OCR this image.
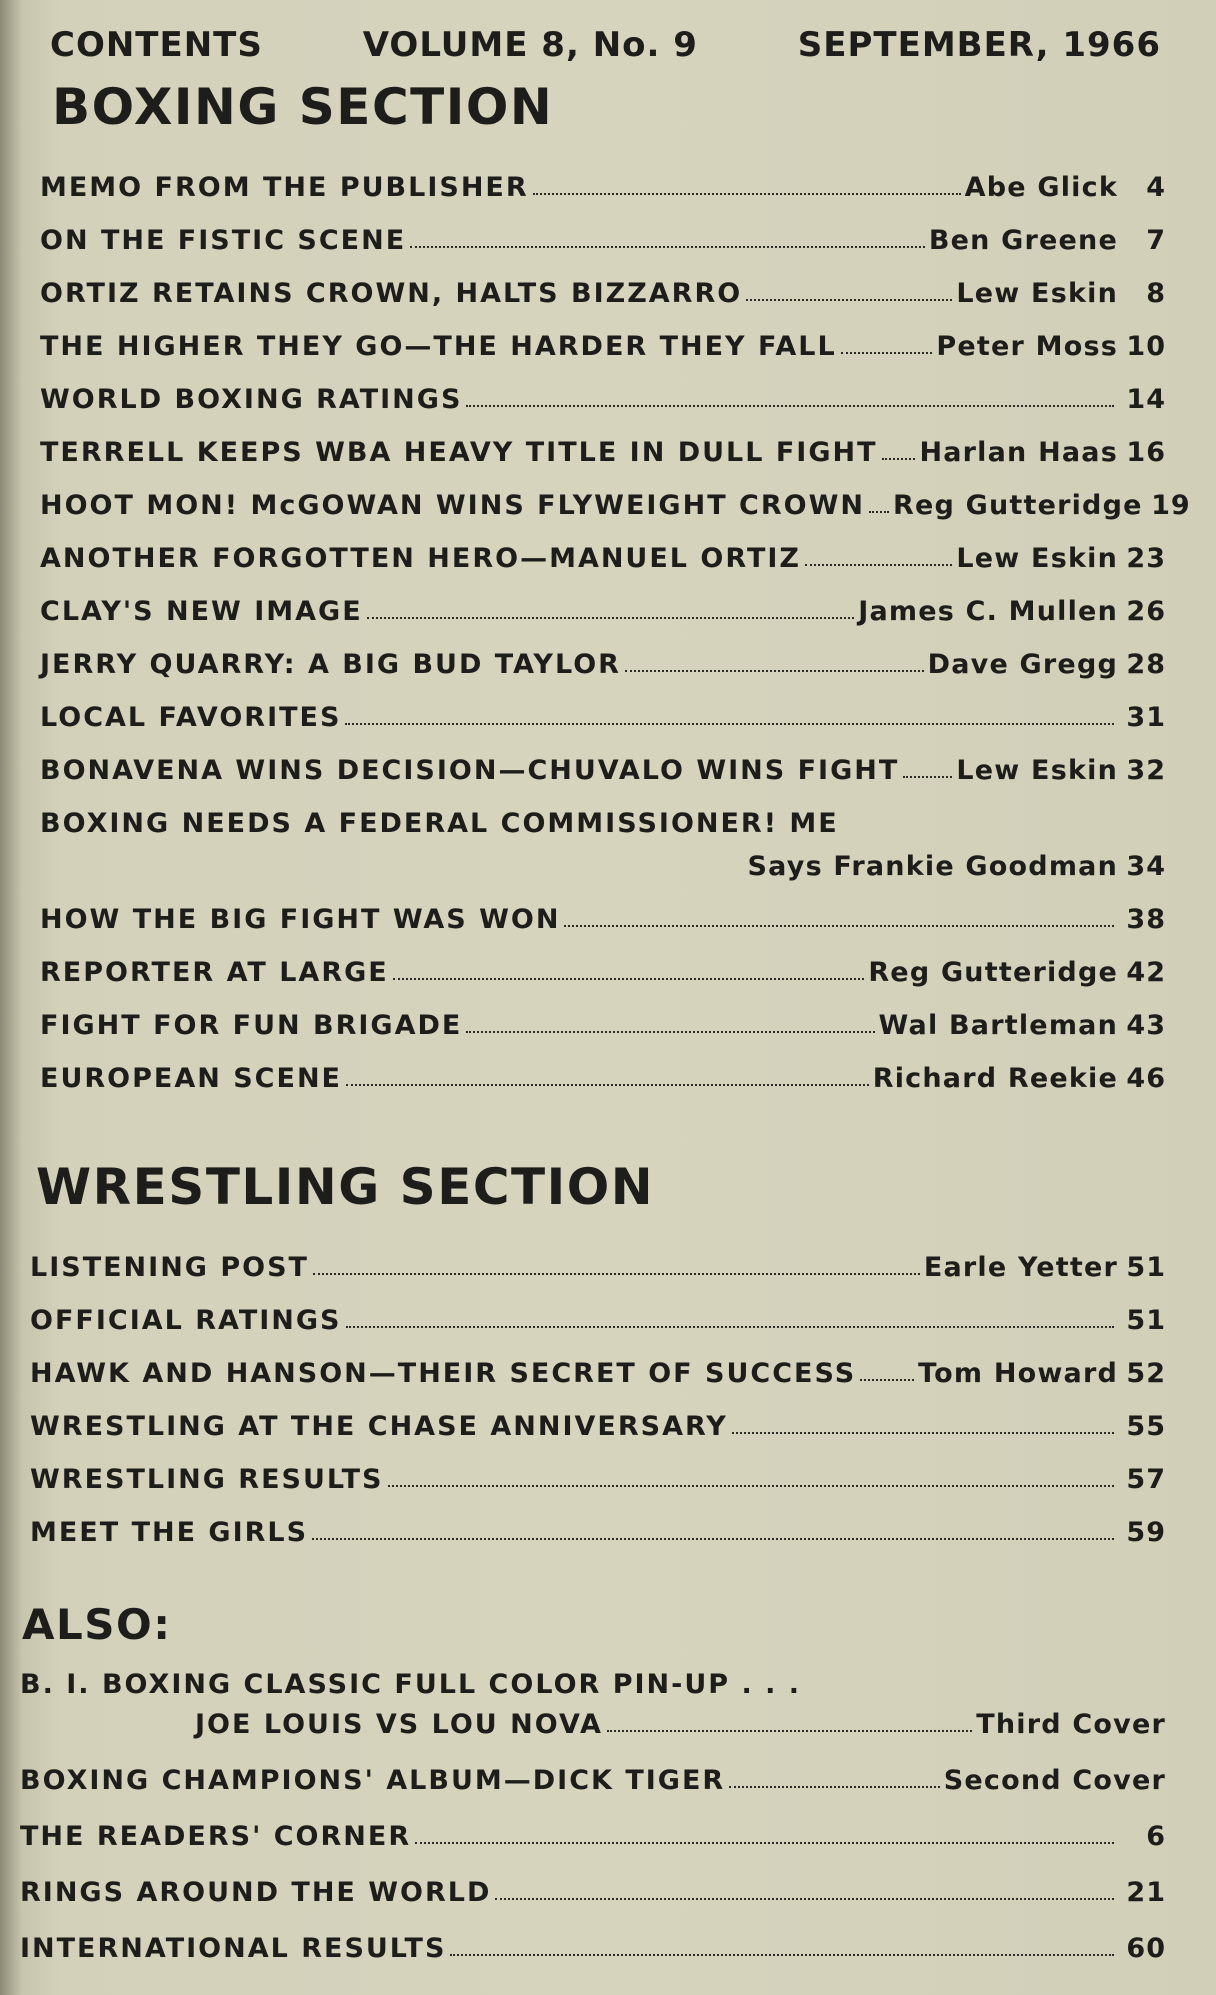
CONTENTS	VOLUME 8, No. 9	SEPTEMBER, 1966
BOXING SECTION
MEMO FROM THE PUBLISHER	Abe Glick	4
ON THE FISTIC SCENE	Ben Greene	7
ORTIZ RETAINS CROWN, HALTS BIZZARRO	Lew Eskin	8
THE HIGHER THEY GO—THE HARDER THEY FALL	Peter Moss 10
WORLD BOXING RATINGS	14
TERRELL KEEPS WBA HEAVY TITLE IN DULL FIGHT Harlan Haas 16
HOOT MON! McGOWAN WINS FLYWEIGHT CROWN Reg Gutteridge 19
ANOTHER FORGOTTEN HERO—MANUEL ORTIZ	Lew Eskin 23
CLAY'S NEW IMAGE	James C. Mullen 26
JERRY QUARRY: A BIG BUD TAYLOR	Dave Gregg 28
LOCAL FAVORITES	31
BONAVENA WINS DECISION—CHUVALO WINS FIGHT Lew Eskin 32
BOXING NEEDS A FEDERAL COMMISSIONER! ME
Says Frankie Goodman 34
HOW THE BIG FIGHT WAS WON	38
REPORTER AT LARGE	Reg Gutteridge 42
FIGHT FOR FUN BRIGADE	Wal Bartleman 43
EUROPEAN SCENE	Richard Reekie 46
WRESTLING SECTION
LISTENING POST	Earle Yetter 51
OFFICIAL RATINGS	51
HAWK AND HANSON—THEIR SECRET OF SUCCESS Tom Howard 52
WRESTLING AT THE CHASE ANNIVERSARY	55
WRESTLING RESULTS	57
MEET THE GIRLS	59
ALSO:
B. I. BOXING CLASSIC FULL COLOR PIN-UP . . .
JOE LOUIS VS LOU NOVA	Third Cover
BOXING CHAMPIONS' ALBUM—DICK TIGER	Second Cover
THE READERS' CORNER	6
RINGS AROUND THE WORLD	21
INTERNATIONAL RESULTS	60
